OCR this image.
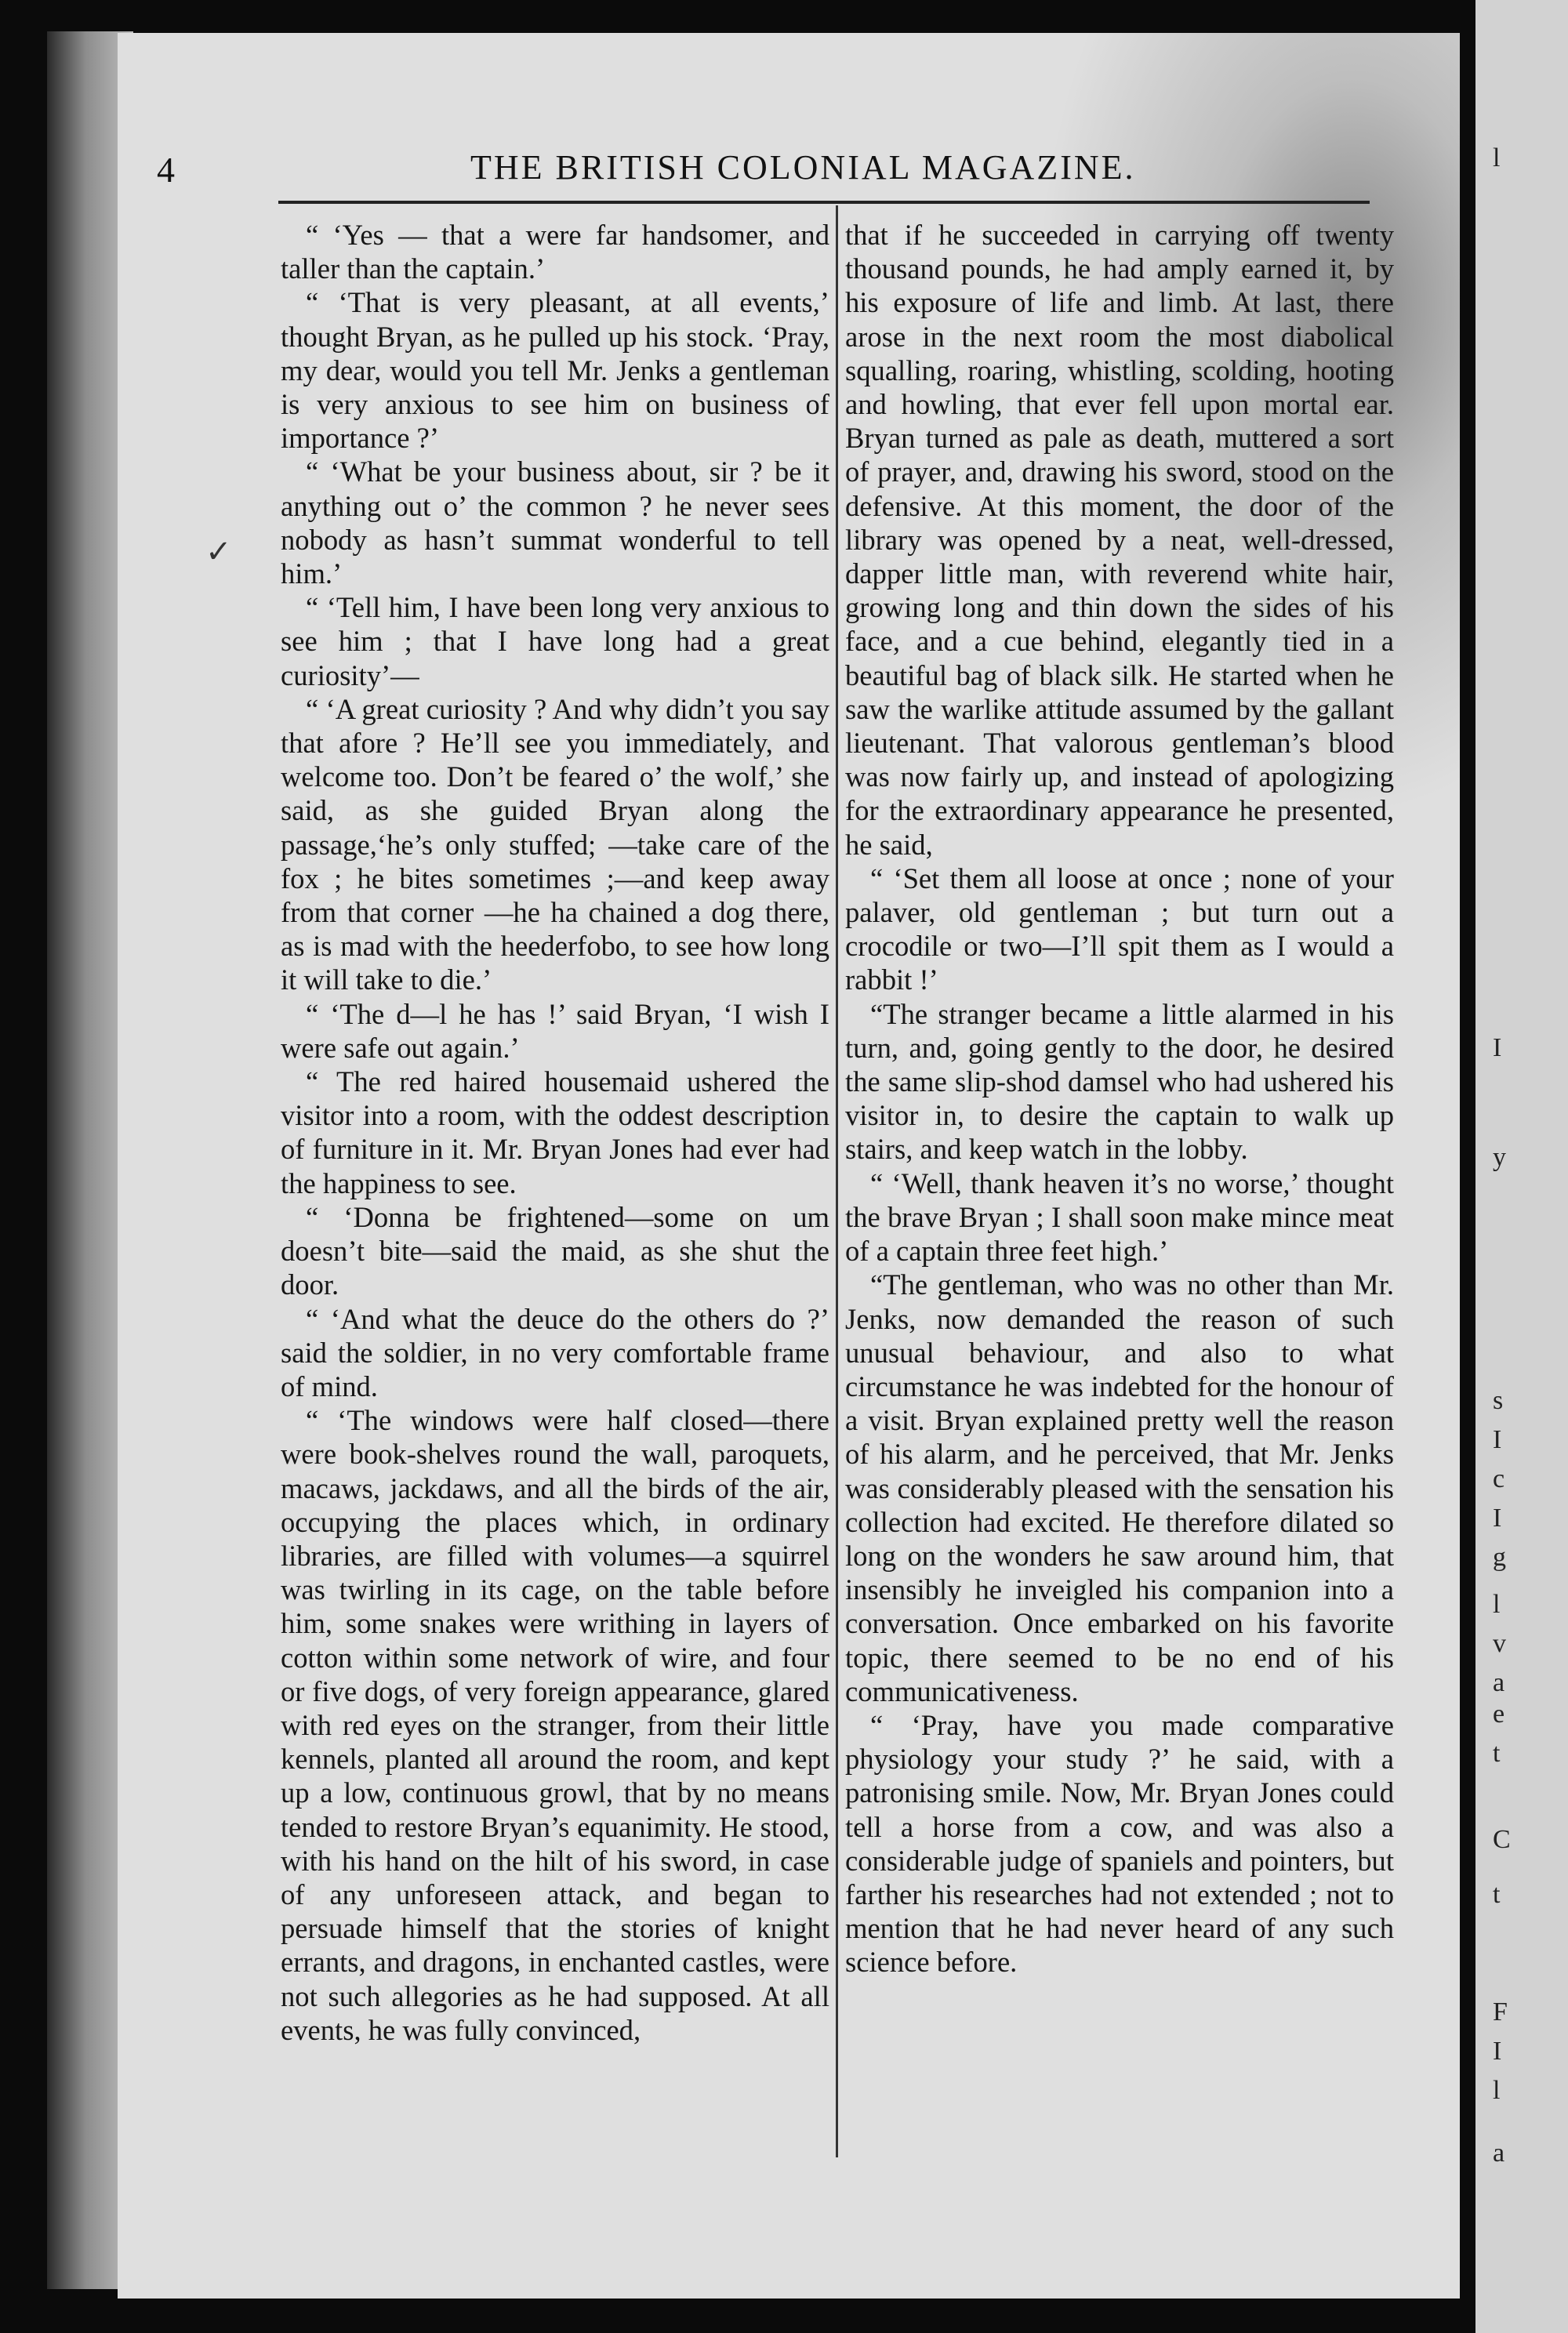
l
I
y
s
I
c
I
g
l
v
a
e
t
C
t
F
I
l
a
4	THE BRITISH COLONIAL MAGAZINE.

“ ‘Yes — that a were far handsomer, and taller than the captain.’

“ ‘That is very pleasant, at all events,’ thought Bryan, as he pulled up his stock. ‘Pray, my dear, would you tell Mr. Jenks a gentleman is very anxious to see him on business of importance ?’

“ ‘What be your business about, sir ? be it anything out o’ the common ? he never sees nobody as hasn’t summat wonderful to tell him.’

“ ‘Tell him, I have been long very anxious to see him ; that I have long had a great curiosity’—

“ ‘A great curiosity ? And why didn’t you say that afore ? He’ll see you immediately, and welcome too. Don’t be feared o’ the wolf,’ she said, as she guided Bryan along the passage,‘he’s only stuffed; —take care of the fox ; he bites sometimes ;—and keep away from that corner —he ha chained a dog there, as is mad with the heederfobo, to see how long it will take to die.’

“ ‘The d—l he has !’ said Bryan, ‘I wish I were safe out again.’

“ The red haired housemaid ushered the visitor into a room, with the oddest description of furniture in it. Mr. Bryan Jones had ever had the happiness to see.

“ ‘Donna be frightened—some on um doesn’t bite—said the maid, as she shut the door.

“ ‘And what the deuce do the others do ?’ said the soldier, in no very comfortable frame of mind.

“ ‘The windows were half closed—there were book-shelves round the wall, paroquets, macaws, jackdaws, and all the birds of the air, occupying the places which, in ordinary libraries, are filled with volumes—a squirrel was twirling in its cage, on the table before him, some snakes were writhing in layers of cotton within some network of wire, and four or five dogs, of very foreign appearance, glared with red eyes on the stranger, from their little kennels, planted all around the room, and kept up a low, continuous growl, that by no means tended to restore Bryan’s equanimity. He stood, with his hand on the hilt of his sword, in case of any unforeseen attack, and began to persuade himself that the stories of knight errants, and dragons, in enchanted castles, were not such allegories as he had supposed. At all events, he was fully convinced,

that if he succeeded in carrying off twenty thousand pounds, he had amply earned it, by his exposure of life and limb. At last, there arose in the next room the most diabolical squalling, roaring, whistling, scolding, hooting and howling, that ever fell upon mortal ear. Bryan turned as pale as death, muttered a sort of prayer, and, drawing his sword, stood on the defensive. At this moment, the door of the library was opened by a neat, well-dressed, dapper little man, with reverend white hair, growing long and thin down the sides of his face, and a cue behind, elegantly tied in a beautiful bag of black silk. He started when he saw the warlike attitude assumed by the gallant lieutenant. That valorous gentleman’s blood was now fairly up, and instead of apologizing for the extraordinary appearance he presented, he said,

“ ‘Set them all loose at once ; none of your palaver, old gentleman ; but turn out a crocodile or two—I’ll spit them as I would a rabbit !’

“The stranger became a little alarmed in his turn, and, going gently to the door, he desired the same slip-shod damsel who had ushered his visitor in, to desire the captain to walk up stairs, and keep watch in the lobby.

“ ‘Well, thank heaven it’s no worse,’ thought the brave Bryan ; I shall soon make mince meat of a captain three feet high.’

“The gentleman, who was no other than Mr. Jenks, now demanded the reason of such unusual behaviour, and also to what circumstance he was indebted for the honour of a visit. Bryan explained pretty well the reason of his alarm, and he perceived, that Mr. Jenks was considerably pleased with the sensation his collection had excited. He therefore dilated so long on the wonders he saw around him, that insensibly he inveigled his companion into a conversation. Once embarked on his favorite topic, there seemed to be no end of his communicativeness.

“ ‘Pray, have you made comparative physiology your study ?’ he said, with a patronising smile. Now, Mr. Bryan Jones could tell a horse from a cow, and was also a considerable judge of spaniels and pointers, but farther his researches had not extended ; not to mention that he had never heard of any such science before.

✓
